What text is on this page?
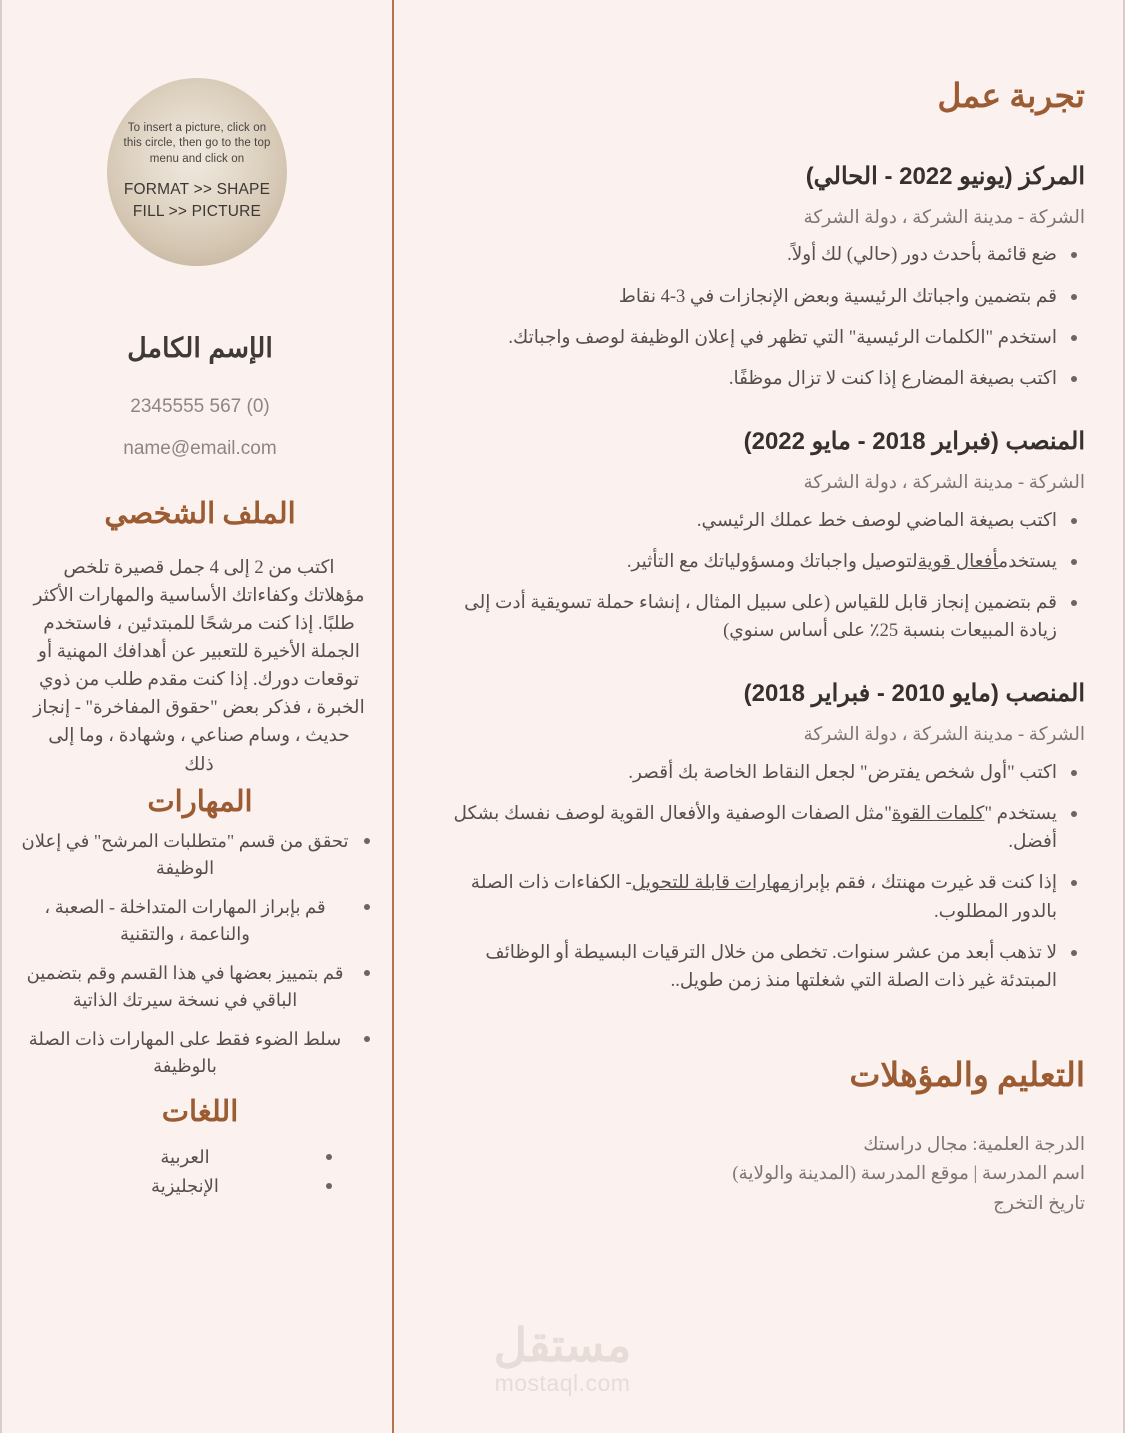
To insert a picture, click on this circle, then go to the top menu and click on
FORMAT >> SHAPE FILL >> PICTURE
الإسم الكامل
2345555 567 (0)
name@email.com
الملف الشخصي

اكتب من 2 إلى 4 جمل قصيرة تلخص مؤهلاتك وكفاءاتك الأساسية والمهارات الأكثر طلبًا. إذا كنت مرشحًا للمبتدئين ، فاستخدم الجملة الأخيرة للتعبير عن أهدافك المهنية أو توقعات دورك. إذا كنت مقدم طلب من ذوي الخبرة ، فذكر بعض "حقوق المفاخرة" - إنجاز حديث ، وسام صناعي ، وشهادة ، وما إلى ذلك

المهارات
تحقق من قسم "متطلبات المرشح" في إعلان الوظيفة
قم بإبراز المهارات المتداخلة - الصعبة ، والناعمة ، والتقنية
قم بتمييز بعضها في هذا القسم وقم بتضمين الباقي في نسخة سيرتك الذاتية
سلط الضوء فقط على المهارات ذات الصلة بالوظيفة
اللغات
العربية
الإنجليزية
تجربة عمل
المركز (يونيو 2022 - الحالي)

الشركة - مدينة الشركة ، دولة الشركة

ضع قائمة بأحدث دور (حالي) لك أولاً.
قم بتضمين واجباتك الرئيسية وبعض الإنجازات في 3-4 نقاط
استخدم "الكلمات الرئيسية" التي تظهر في إعلان الوظيفة لوصف واجباتك.
اكتب بصيغة المضارع إذا كنت لا تزال موظفًا.
المنصب (فبراير 2018 - مايو 2022)

الشركة - مدينة الشركة ، دولة الشركة

اكتب بصيغة الماضي لوصف خط عملك الرئيسي.
يستخدمأفعال قويةلتوصيل واجباتك ومسؤولياتك مع التأثير.
قم بتضمين إنجاز قابل للقياس (على سبيل المثال ، إنشاء حملة تسويقية أدت إلى زيادة المبيعات بنسبة 25٪ على أساس سنوي)
المنصب (مايو 2010 - فبراير 2018)

الشركة - مدينة الشركة ، دولة الشركة

اكتب "أول شخص يفترض" لجعل النقاط الخاصة بك أقصر.
يستخدم "كلمات القوة"مثل الصفات الوصفية والأفعال القوية لوصف نفسك بشكل أفضل.
إذا كنت قد غيرت مهنتك ، فقم بإبرازمهارات قابلة للتحويل- الكفاءات ذات الصلة بالدور المطلوب.
لا تذهب أبعد من عشر سنوات. تخطى من خلال الترقيات البسيطة أو الوظائف المبتدئة غير ذات الصلة التي شغلتها منذ زمن طويل..
التعليم والمؤهلات

الدرجة العلمية: مجال دراستك

اسم المدرسة | موقع المدرسة (المدينة والولاية)

تاريخ التخرج

مستقل
mostaql.com
